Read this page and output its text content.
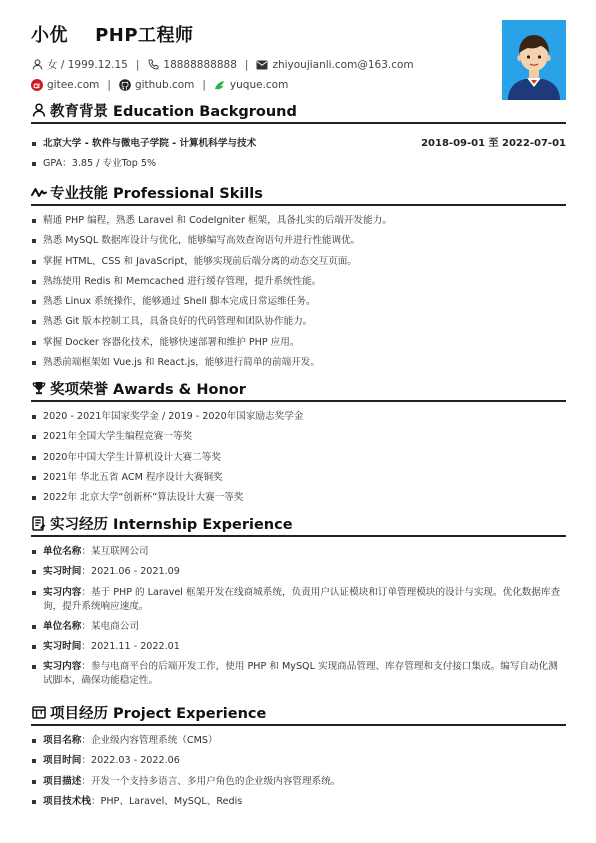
小优    PHP工程师
女 / 1999.12.15 | 18888888888 | zhiyoujianli.com@163.com
gitee.com | github.com | yuque.com
教育背景 Education Background
北京大学 - 软件与微电子学院 - 计算机科学与技术	2018-09-01 至 2022-07-01
GPA：3.85 / 专业Top 5%
专业技能 Professional Skills
精通 PHP 编程，熟悉 Laravel 和 CodeIgniter 框架，具备扎实的后端开发能力。
熟悉 MySQL 数据库设计与优化，能够编写高效查询语句并进行性能调优。
掌握 HTML、CSS 和 JavaScript，能够实现前后端分离的动态交互页面。
熟练使用 Redis 和 Memcached 进行缓存管理，提升系统性能。
熟悉 Linux 系统操作，能够通过 Shell 脚本完成日常运维任务。
熟悉 Git 版本控制工具，具备良好的代码管理和团队协作能力。
掌握 Docker 容器化技术，能够快速部署和维护 PHP 应用。
熟悉前端框架如 Vue.js 和 React.js，能够进行简单的前端开发。
奖项荣誉 Awards & Honor
2020 - 2021年国家奖学金 / 2019 - 2020年国家励志奖学金
2021年全国大学生编程竞赛一等奖
2020年中国大学生计算机设计大赛二等奖
2021年 华北五省 ACM 程序设计大赛铜奖
2022年 北京大学“创新杯”算法设计大赛一等奖
实习经历 Internship Experience
单位名称：某互联网公司
实习时间：2021.06 - 2021.09
实习内容：基于 PHP 的 Laravel 框架开发在线商城系统，负责用户认证模块和订单管理模块的设计与实现。优化数据库查询，提升系统响应速度。
单位名称：某电商公司
实习时间：2021.11 - 2022.01
实习内容：参与电商平台的后端开发工作，使用 PHP 和 MySQL 实现商品管理、库存管理和支付接口集成。编写自动化测试脚本，确保功能稳定性。
项目经历 Project Experience
项目名称：企业级内容管理系统（CMS）
项目时间：2022.03 - 2022.06
项目描述：开发一个支持多语言、多用户角色的企业级内容管理系统。
项目技术栈：PHP、Laravel、MySQL、Redis
